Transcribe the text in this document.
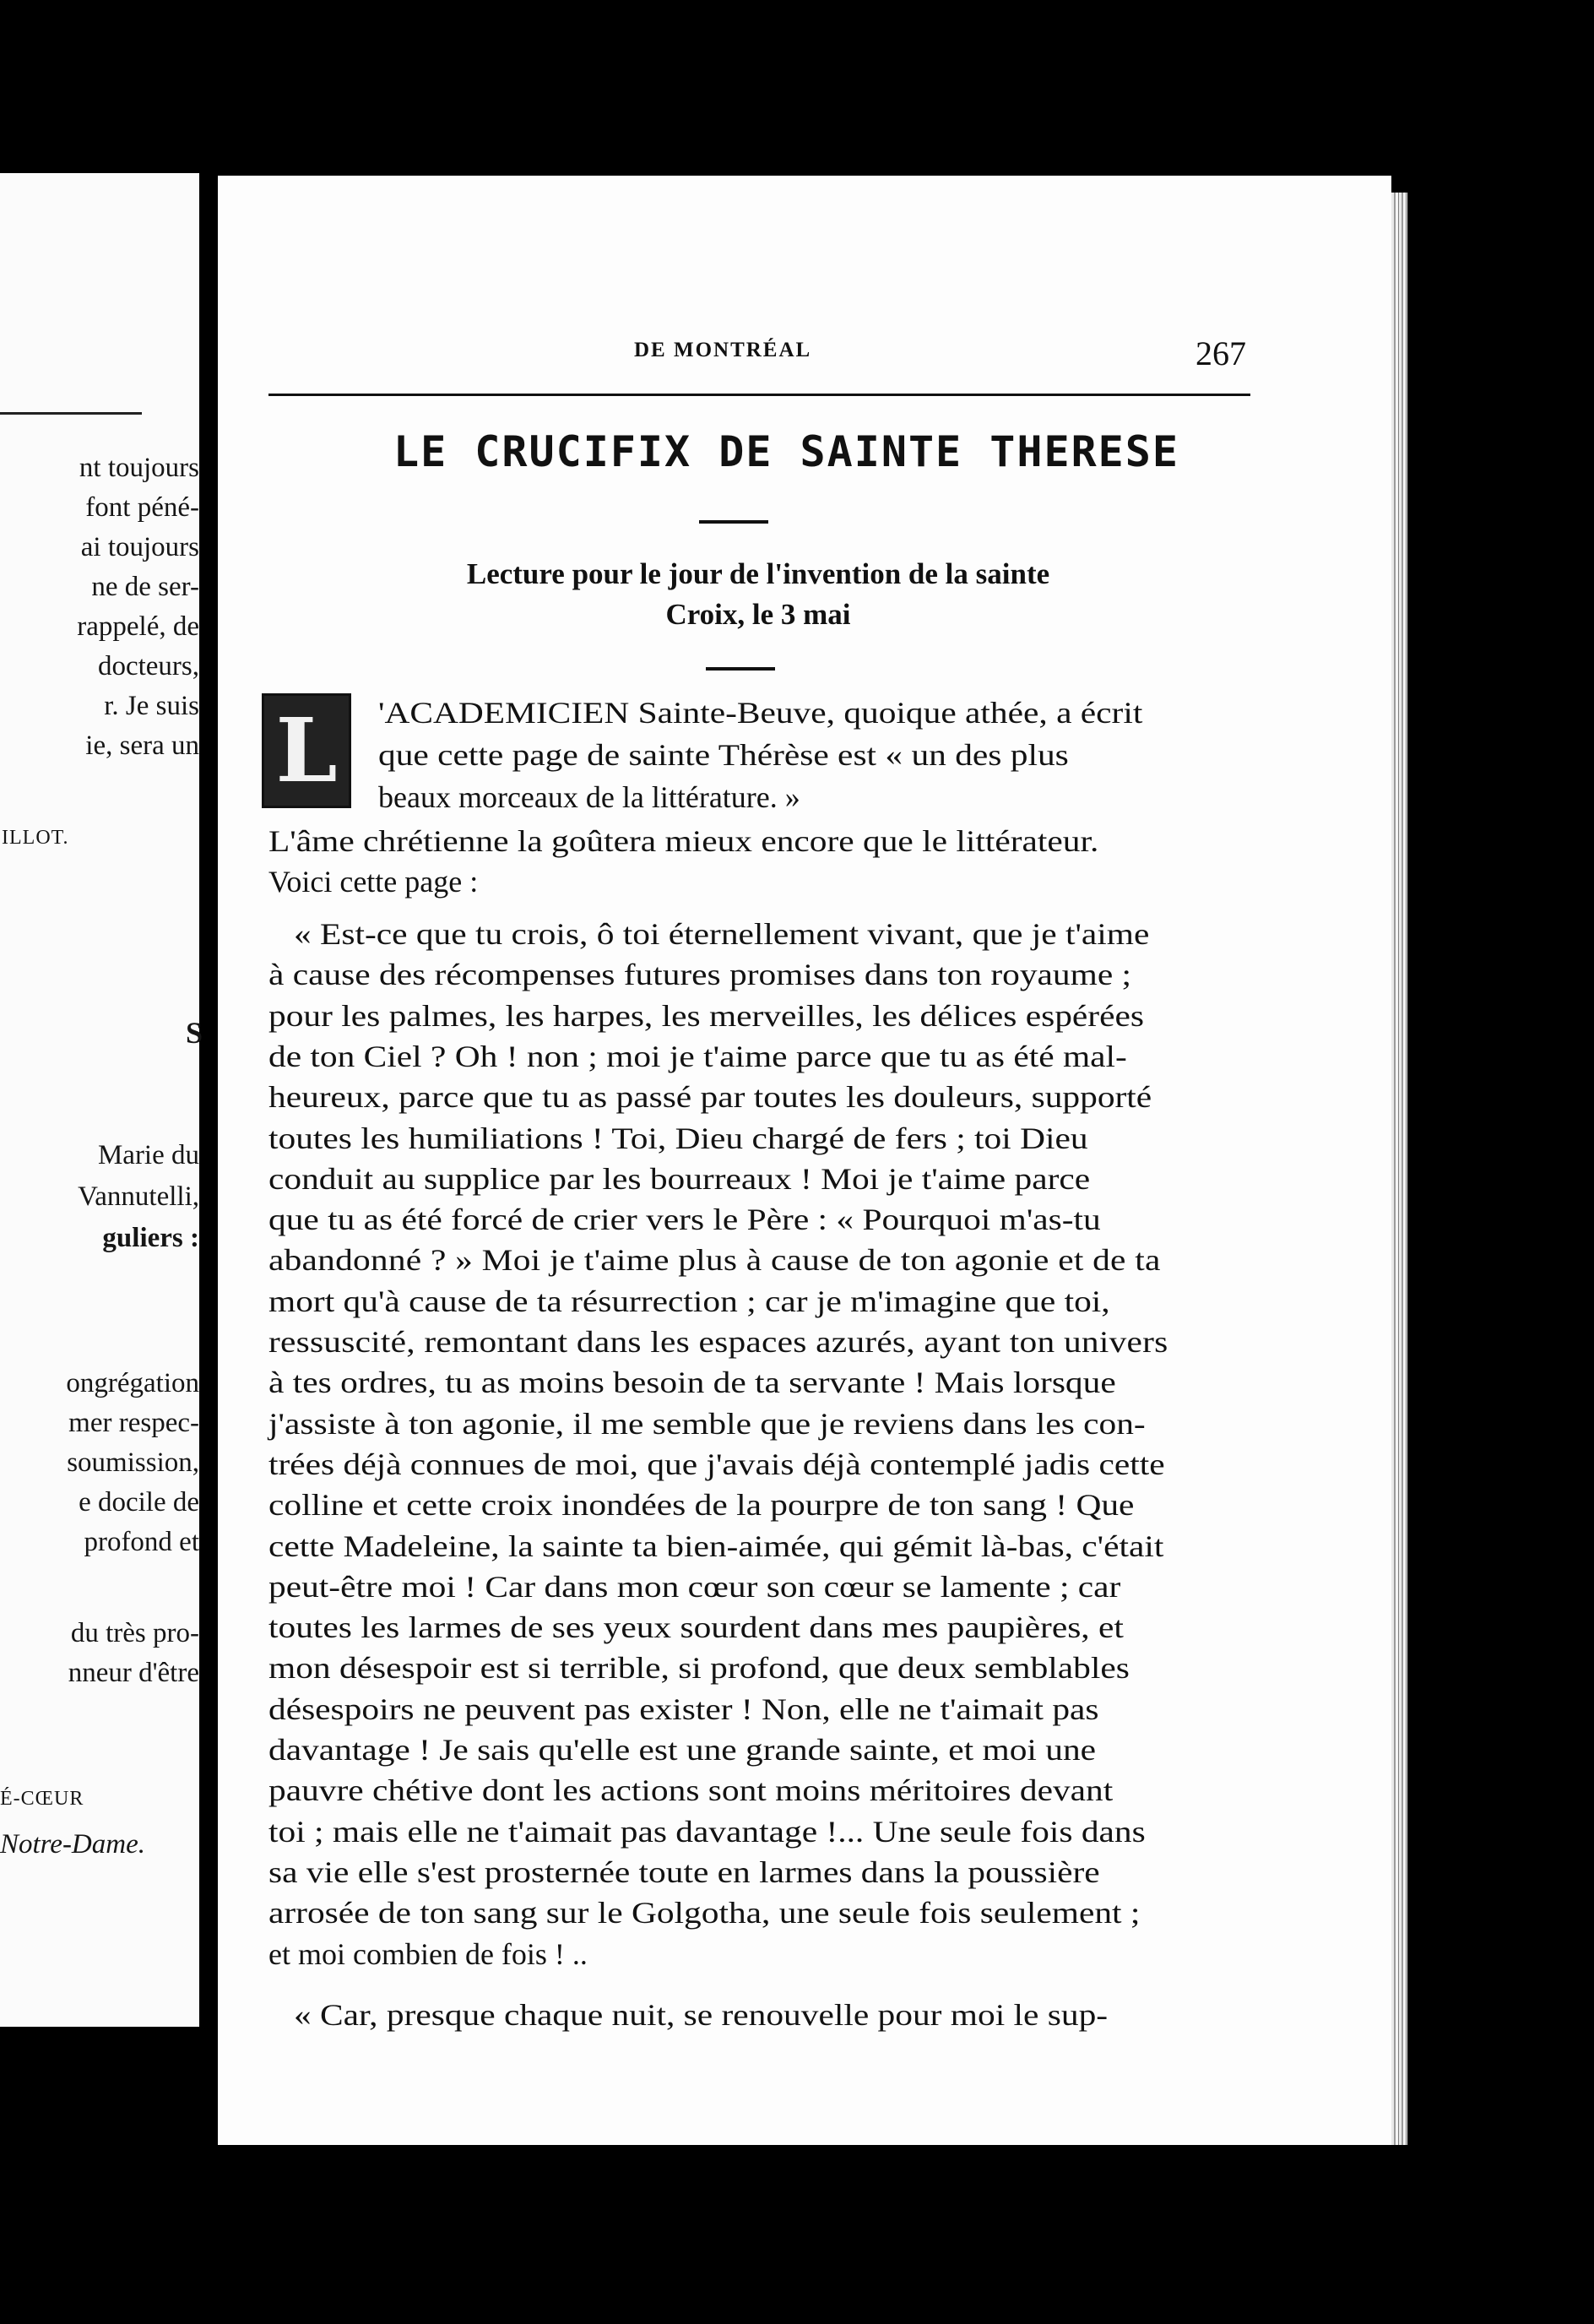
nt toujours
font péné-
ai toujours
ne de ser-
rappelé, de
docteurs,
r. Je suis
ie, sera un
ILLOT.
S
Marie du
Vannutelli,
guliers :
ongrégation
mer respec-
soumission,
e docile de
profond et
du très pro-
nneur d'être
É-CŒUR
Notre-Dame.
DE MONTRÉAL	267
LE CRUCIFIX DE SAINTE THERESE
Lecture pour le jour de l'invention de la sainte
Croix, le 3 mai
L 'ACADEMICIEN Sainte-Beuve, quoique athée, a écrit
que cette page de sainte Thérèse est « un des plus
beaux morceaux de la littérature. »
L'âme chrétienne la goûtera mieux encore que le littérateur.
Voici cette page :
« Est-ce que tu crois, ô toi éternellement vivant, que je t'aime
à cause des récompenses futures promises dans ton royaume ;
pour les palmes, les harpes, les merveilles, les délices espérées
de ton Ciel ? Oh ! non ; moi je t'aime parce que tu as été mal-
heureux, parce que tu as passé par toutes les douleurs, supporté
toutes les humiliations ! Toi, Dieu chargé de fers ; toi Dieu
conduit au supplice par les bourreaux ! Moi je t'aime parce
que tu as été forcé de crier vers le Père : « Pourquoi m'as-tu
abandonné ? » Moi je t'aime plus à cause de ton agonie et de ta
mort qu'à cause de ta résurrection ; car je m'imagine que toi,
ressuscité, remontant dans les espaces azurés, ayant ton univers
à tes ordres, tu as moins besoin de ta servante ! Mais lorsque
j'assiste à ton agonie, il me semble que je reviens dans les con-
trées déjà connues de moi, que j'avais déjà contemplé jadis cette
colline et cette croix inondées de la pourpre de ton sang ! Que
cette Madeleine, la sainte ta bien-aimée, qui gémit là-bas, c'était
peut-être moi ! Car dans mon cœur son cœur se lamente ; car
toutes les larmes de ses yeux sourdent dans mes paupières, et
mon désespoir est si terrible, si profond, que deux semblables
désespoirs ne peuvent pas exister ! Non, elle ne t'aimait pas
davantage ! Je sais qu'elle est une grande sainte, et moi une
pauvre chétive dont les actions sont moins méritoires devant
toi ; mais elle ne t'aimait pas davantage !... Une seule fois dans
sa vie elle s'est prosternée toute en larmes dans la poussière
arrosée de ton sang sur le Golgotha, une seule fois seulement ;
et moi combien de fois ! ..
« Car, presque chaque nuit, se renouvelle pour moi le sup-
